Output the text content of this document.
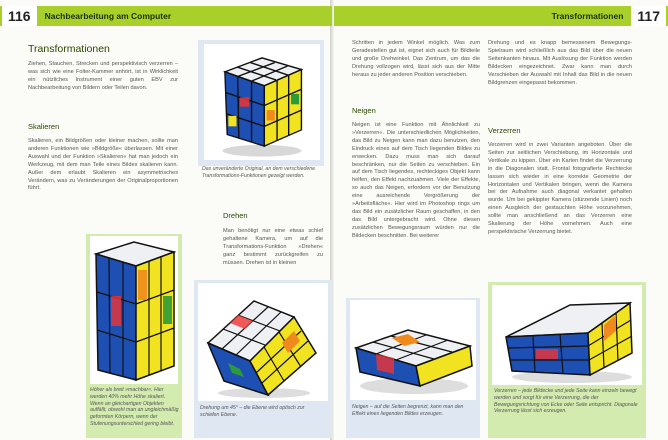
116	Nachbearbeitung am Computer	Transformationen	117
Transformationen

Ziehen, Stauchen, Strecken und perspektivisch verzerren – was sich wie eine Folter-Kammer anhört, ist in Wirklichkeit ein nützliches Instrument einer guten EBV zur Nachbearbeitung von Bildern oder Teilen davon.

Skalieren

Skalieren, ein Bildgrößen oder kleiner machen, sollte man anderen Funktionen wie »Bildgröße« überlassen. Mit einer Auswahl und der Funktion »Skalieren« hat man jedoch ein Werkzeug, mit dem man Teile eines Bildes skalieren kann. Außer dem erlaubt Skalieren ein asymmetrisches Verändern, was zu Veränderungen der Originalproportionen führt.

Das unveränderte Original, an dem verschiedene Transformations-Funktionen gezeigt werden.

Drehen

Man benötigt nur eine etwas schief gehaltene Kamera, um auf die Transformations-Funktion »Drehen« ganz bestimmt zurückgreifen zu müssen. Drehen ist in kleinen

Höher als breit »machbar«. Hier werden 40% mehr Höhe skaliert. Wenn an gleichartigen Objekten auffällt, obwohl man an ungleichmäßig geformten Körpern, wenn der Stufenungsunterschied gering bleibt.

Drehung um 45° – die Ebene wird optisch zur schiefen Ebene.

Schritten in jedem Winkel möglich. Was zum Geradestellen gut ist, eignet sich auch für Bildteile und große Drehwinkel. Das Zentrum, um das die Drehung vollzogen wird, lässt sich aus der Mitte heraus zu jeder anderen Position verschieben.

Neigen

Neigen ist eine Funktion mit Ähnlichkeit zu »Verzerren«. Die unterschiedlichen Möglichkeiten, das Bild zu Neigen kann man dazu benutzen, den Eindruck eines auf dem Tisch liegenden Bildes zu erwecken. Dazu muss man sich darauf beschränken, nur die Seiten zu verschieben. Ein auf dem Tisch liegendes, rechteckiges Objekt kann helfen, den Effekt nachzuahmen. Viele der Effekte, so auch das Neigen, erfordern vor der Benutzung eine ausreichende Vergrößerung der »Arbeitsfläche«. Hier wird im Photoshop rings um das Bild ein zusätzlicher Raum geschaffen, in den das Bild untergebracht wird. Ohne diesen zusätzlichen Bewegungsraum würden nur die Bildecken beschnitten. Bei weiterer

Drehung und es knapp bemessenem Bewegungs-Spielraum wird schließlich aus das Bild über die neuen Seitenkanten hinaus. Mit Auslösung der Funktion werden Bildecken eingezeichnet. Zwar kann man durch Verschieben der Auswahl mit Inhalt das Bild in die neuen Bildgrenzen eingepasst bekommen.

Verzerren

Verzerren wird in zwei Varianten angeboten. Über die Seiten zur seitlichen Verschiebung, im Horizontale und Vertikale zu kippen. Über ein Karten findet die Verzerrung in die Diagonalen statt. Frontal fotografierte Rechtecke lassen sich wieder in eine korrekte Geometrie der Horizontalen und Vertikalen bringen, wenn die Kamera bei der Aufnahme auch diagonal verkantet gehalten wurde. Um bei gekippter Kamera (stürzende Linien) noch einen Ausgleich der gestauchten Höhe vorzunehmen, sollte man anschließend an das Verzerren eine Skalierung der Höhe vornehmen. Auch eine perspektivische Verzerrung bietet.

Neigen – auf die Seiten begrenzt, kann man den Effekt eines liegenden Bildes erzeugen.

Verzerren – jede Bildecke und jede Seite kann einzeln bewegt werden und sorgt für eine Verzerrung, die der Bewegungsrichtung von Ecke oder Seite entspricht. Diagonale Verzerrung lässt sich erzeugen.
